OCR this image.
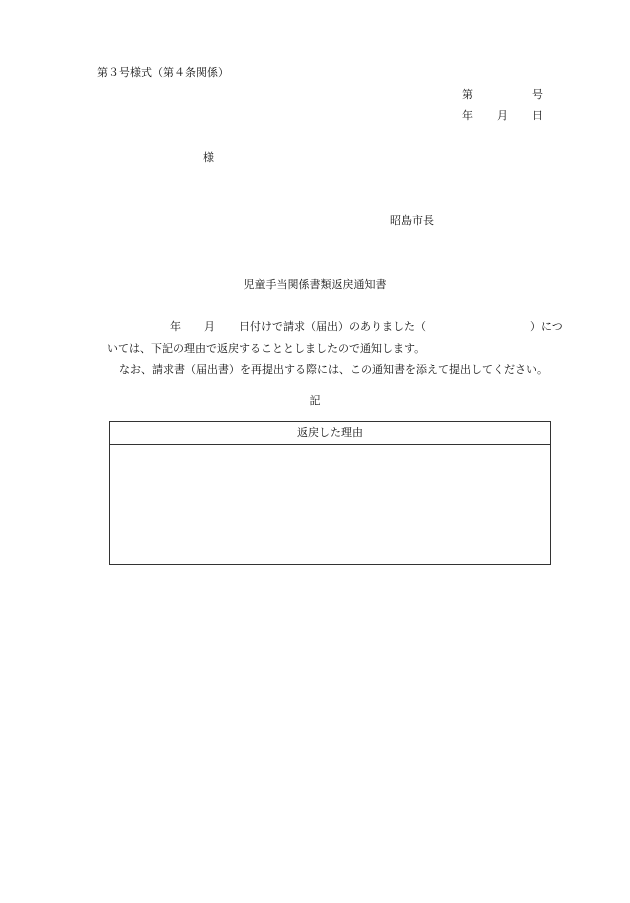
第３号様式（第４条関係）
第	号
年 月 日
様
昭島市長
児童手当関係書類返戻通知書
年 月 日付けで請求（届出）のありました（	）につ
いては、下記の理由で返戻することとしましたので通知します。
なお、請求書（届出書）を再提出する際には、この通知書を添えて提出してください。
記
返戻した理由
